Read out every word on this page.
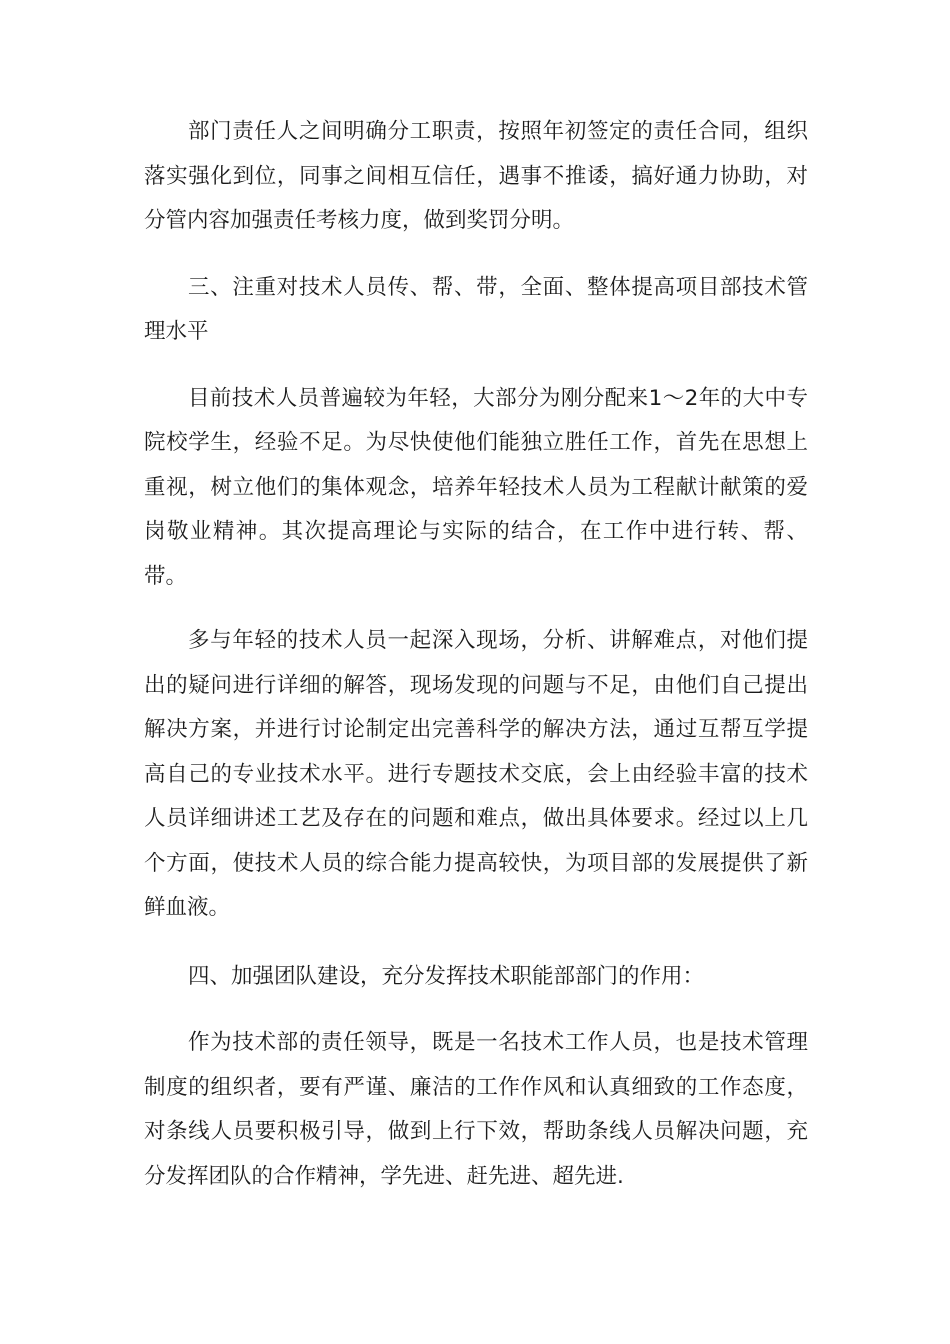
部门责任人之间明确分工职责，按照年初签定的责任合同，组织落实强化到位，同事之间相互信任，遇事不推诿，搞好通力协助，对分管内容加强责任考核力度，做到奖罚分明。

三、注重对技术人员传、帮、带，全面、整体提高项目部技术管理水平

目前技术人员普遍较为年轻，大部分为刚分配来1～2年的大中专院校学生，经验不足。为尽快使他们能独立胜任工作，首先在思想上重视，树立他们的集体观念，培养年轻技术人员为工程献计献策的爱岗敬业精神。其次提高理论与实际的结合，在工作中进行转、帮、带。

多与年轻的技术人员一起深入现场，分析、讲解难点，对他们提出的疑问进行详细的解答，现场发现的问题与不足，由他们自己提出解决方案，并进行讨论制定出完善科学的解决方法，通过互帮互学提高自己的专业技术水平。进行专题技术交底，会上由经验丰富的技术人员详细讲述工艺及存在的问题和难点，做出具体要求。经过以上几个方面，使技术人员的综合能力提高较快，为项目部的发展提供了新鲜血液。

四、加强团队建设，充分发挥技术职能部部门的作用：

作为技术部的责任领导，既是一名技术工作人员，也是技术管理制度的组织者，要有严谨、廉洁的工作作风和认真细致的工作态度，对条线人员要积极引导，做到上行下效，帮助条线人员解决问题，充分发挥团队的合作精神，学先进、赶先进、超先进.
